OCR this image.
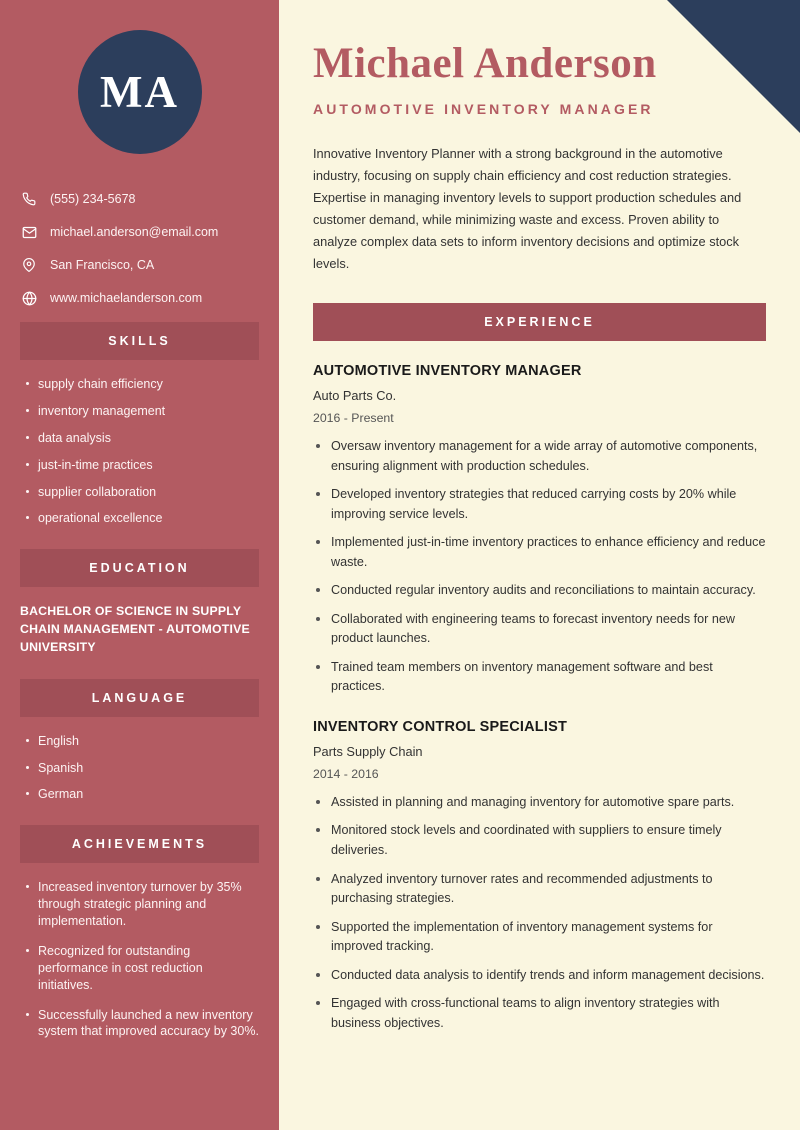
MA
(555) 234-5678
michael.anderson@email.com
San Francisco, CA
www.michaelanderson.com
SKILLS
supply chain efficiency
inventory management
data analysis
just-in-time practices
supplier collaboration
operational excellence
EDUCATION
BACHELOR OF SCIENCE IN SUPPLY CHAIN MANAGEMENT - AUTOMOTIVE UNIVERSITY
LANGUAGE
English
Spanish
German
ACHIEVEMENTS
Increased inventory turnover by 35% through strategic planning and implementation.
Recognized for outstanding performance in cost reduction initiatives.
Successfully launched a new inventory system that improved accuracy by 30%.
Michael Anderson
AUTOMOTIVE INVENTORY MANAGER

Innovative Inventory Planner with a strong background in the automotive industry, focusing on supply chain efficiency and cost reduction strategies. Expertise in managing inventory levels to support production schedules and customer demand, while minimizing waste and excess. Proven ability to analyze complex data sets to inform inventory decisions and optimize stock levels.

EXPERIENCE
AUTOMOTIVE INVENTORY MANAGER
Auto Parts Co.
2016 - Present
Oversaw inventory management for a wide array of automotive components, ensuring alignment with production schedules.
Developed inventory strategies that reduced carrying costs by 20% while improving service levels.
Implemented just-in-time inventory practices to enhance efficiency and reduce waste.
Conducted regular inventory audits and reconciliations to maintain accuracy.
Collaborated with engineering teams to forecast inventory needs for new product launches.
Trained team members on inventory management software and best practices.
INVENTORY CONTROL SPECIALIST
Parts Supply Chain
2014 - 2016
Assisted in planning and managing inventory for automotive spare parts.
Monitored stock levels and coordinated with suppliers to ensure timely deliveries.
Analyzed inventory turnover rates and recommended adjustments to purchasing strategies.
Supported the implementation of inventory management systems for improved tracking.
Conducted data analysis to identify trends and inform management decisions.
Engaged with cross-functional teams to align inventory strategies with business objectives.
